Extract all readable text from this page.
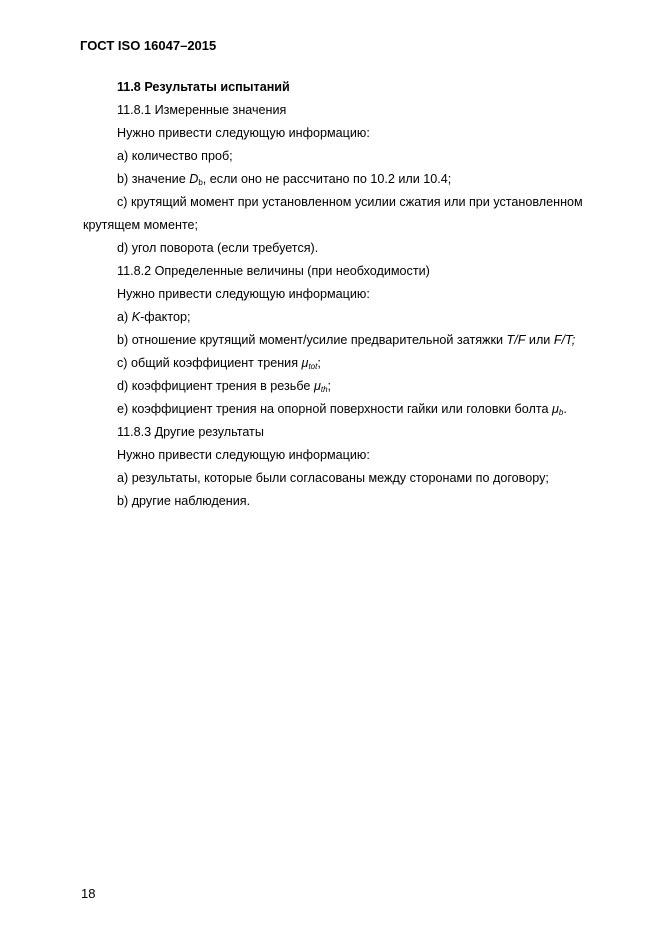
ГОСТ ISO 16047–2015
11.8 Результаты испытаний
11.8.1 Измеренные значения
Нужно привести следующую информацию:
а) количество проб;
b) значение $D_b$, если оно не рассчитано по 10.2 или 10.4;
с) крутящий момент при установленном усилии сжатия или при установленном
крутящем моменте;
d) угол поворота (если требуется).
11.8.2 Определенные величины (при необходимости)
Нужно привести следующую информацию:
а) K-фактор;
b) отношение крутящий момент/усилие предварительной затяжки T/F или F/T;
с) общий коэффициент трения $\mu_{tot}$;
d) коэффициент трения в резьбе $\mu_{th}$;
е) коэффициент трения на опорной поверхности гайки или головки болта $\mu_b$.
11.8.3 Другие результаты
Нужно привести следующую информацию:
а) результаты, которые были согласованы между сторонами по договору;
b) другие наблюдения.
18
